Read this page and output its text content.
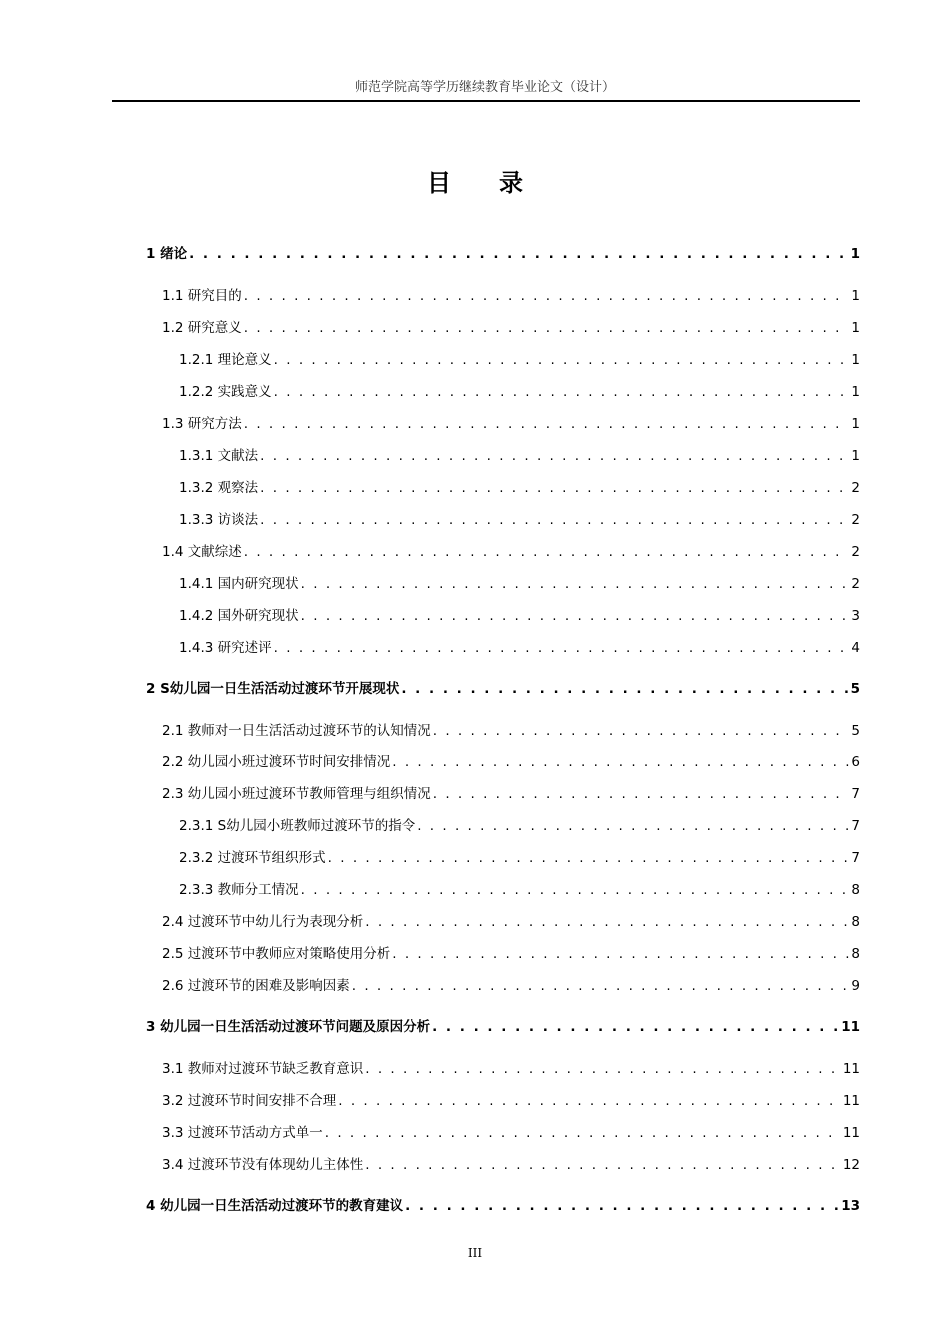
师范学院高等学历继续教育毕业论文（设计）
目录
1 绪论 . . .	1
1.1 研究目的 . . .	1
1.2 研究意义 . . .	1
1.2.1 理论意义 . . .	1
1.2.2 实践意义 . . .	1
1.3 研究方法 . . .	1
1.3.1 文献法 . . .	1
1.3.2 观察法 . . .	2
1.3.3 访谈法 . . .	2
1.4 文献综述 . . .	2
1.4.1 国内研究现状 . . .	2
1.4.2 国外研究现状 . . .	3
1.4.3 研究述评 . . .	4
2 S幼儿园一日生活活动过渡环节开展现状 . . .	5
2.1 教师对一日生活活动过渡环节的认知情况 . . .	5
2.2 幼儿园小班过渡环节时间安排情况 . . .	6
2.3 幼儿园小班过渡环节教师管理与组织情况 . . .	7
2.3.1 S幼儿园小班教师过渡环节的指令 . . .	7
2.3.2 过渡环节组织形式 . . .	7
2.3.3 教师分工情况 . . .	8
2.4 过渡环节中幼儿行为表现分析 . . .	8
2.5 过渡环节中教师应对策略使用分析 . . .	8
2.6 过渡环节的困难及影响因素 . . .	9
3 幼儿园一日生活活动过渡环节问题及原因分析 . . .	11
3.1 教师对过渡环节缺乏教育意识 . . .	11
3.2 过渡环节时间安排不合理 . . .	11
3.3 过渡环节活动方式单一 . . .	11
3.4 过渡环节没有体现幼儿主体性 . . .	12
4 幼儿园一日生活活动过渡环节的教育建议 . . .	13
III
